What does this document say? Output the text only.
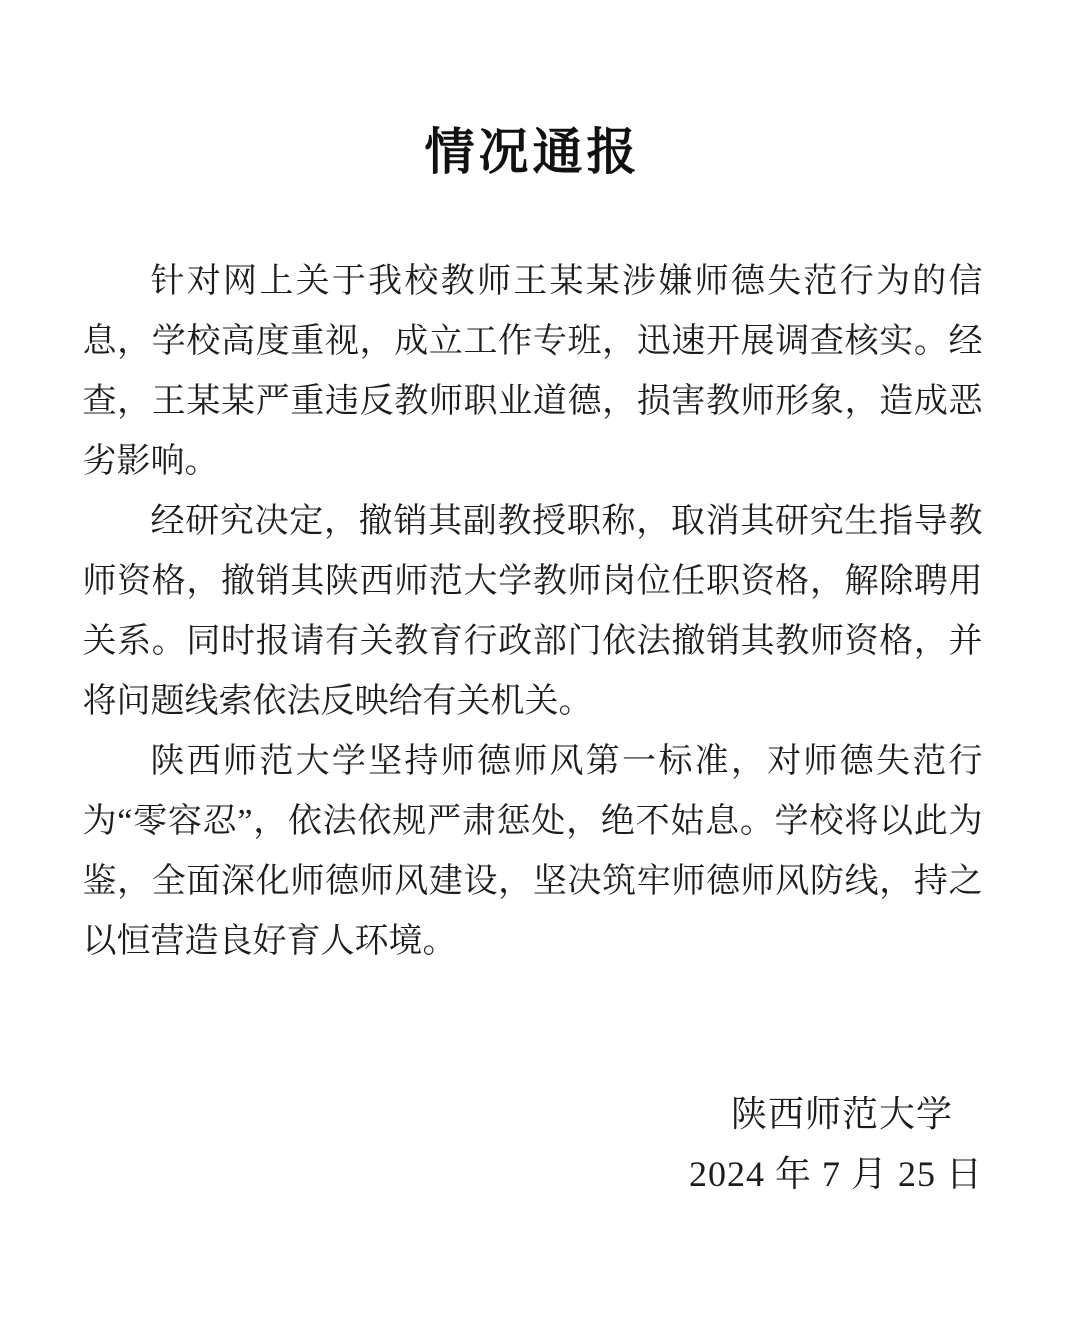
情况通报

针对网上关于我校教师王某某涉嫌师德失范行为的信息，学校高度重视，成立工作专班，迅速开展调查核实。经查，王某某严重违反教师职业道德，损害教师形象，造成恶劣影响。

经研究决定，撤销其副教授职称，取消其研究生指导教师资格，撤销其陕西师范大学教师岗位任职资格，解除聘用关系。同时报请有关教育行政部门依法撤销其教师资格，并将问题线索依法反映给有关机关。

陕西师范大学坚持师德师风第一标准，对师德失范行为“零容忍”，依法依规严肃惩处，绝不姑息。学校将以此为鉴，全面深化师德师风建设，坚决筑牢师德师风防线，持之以恒营造良好育人环境。

陕西师范大学
2024 年 7 月 25 日
